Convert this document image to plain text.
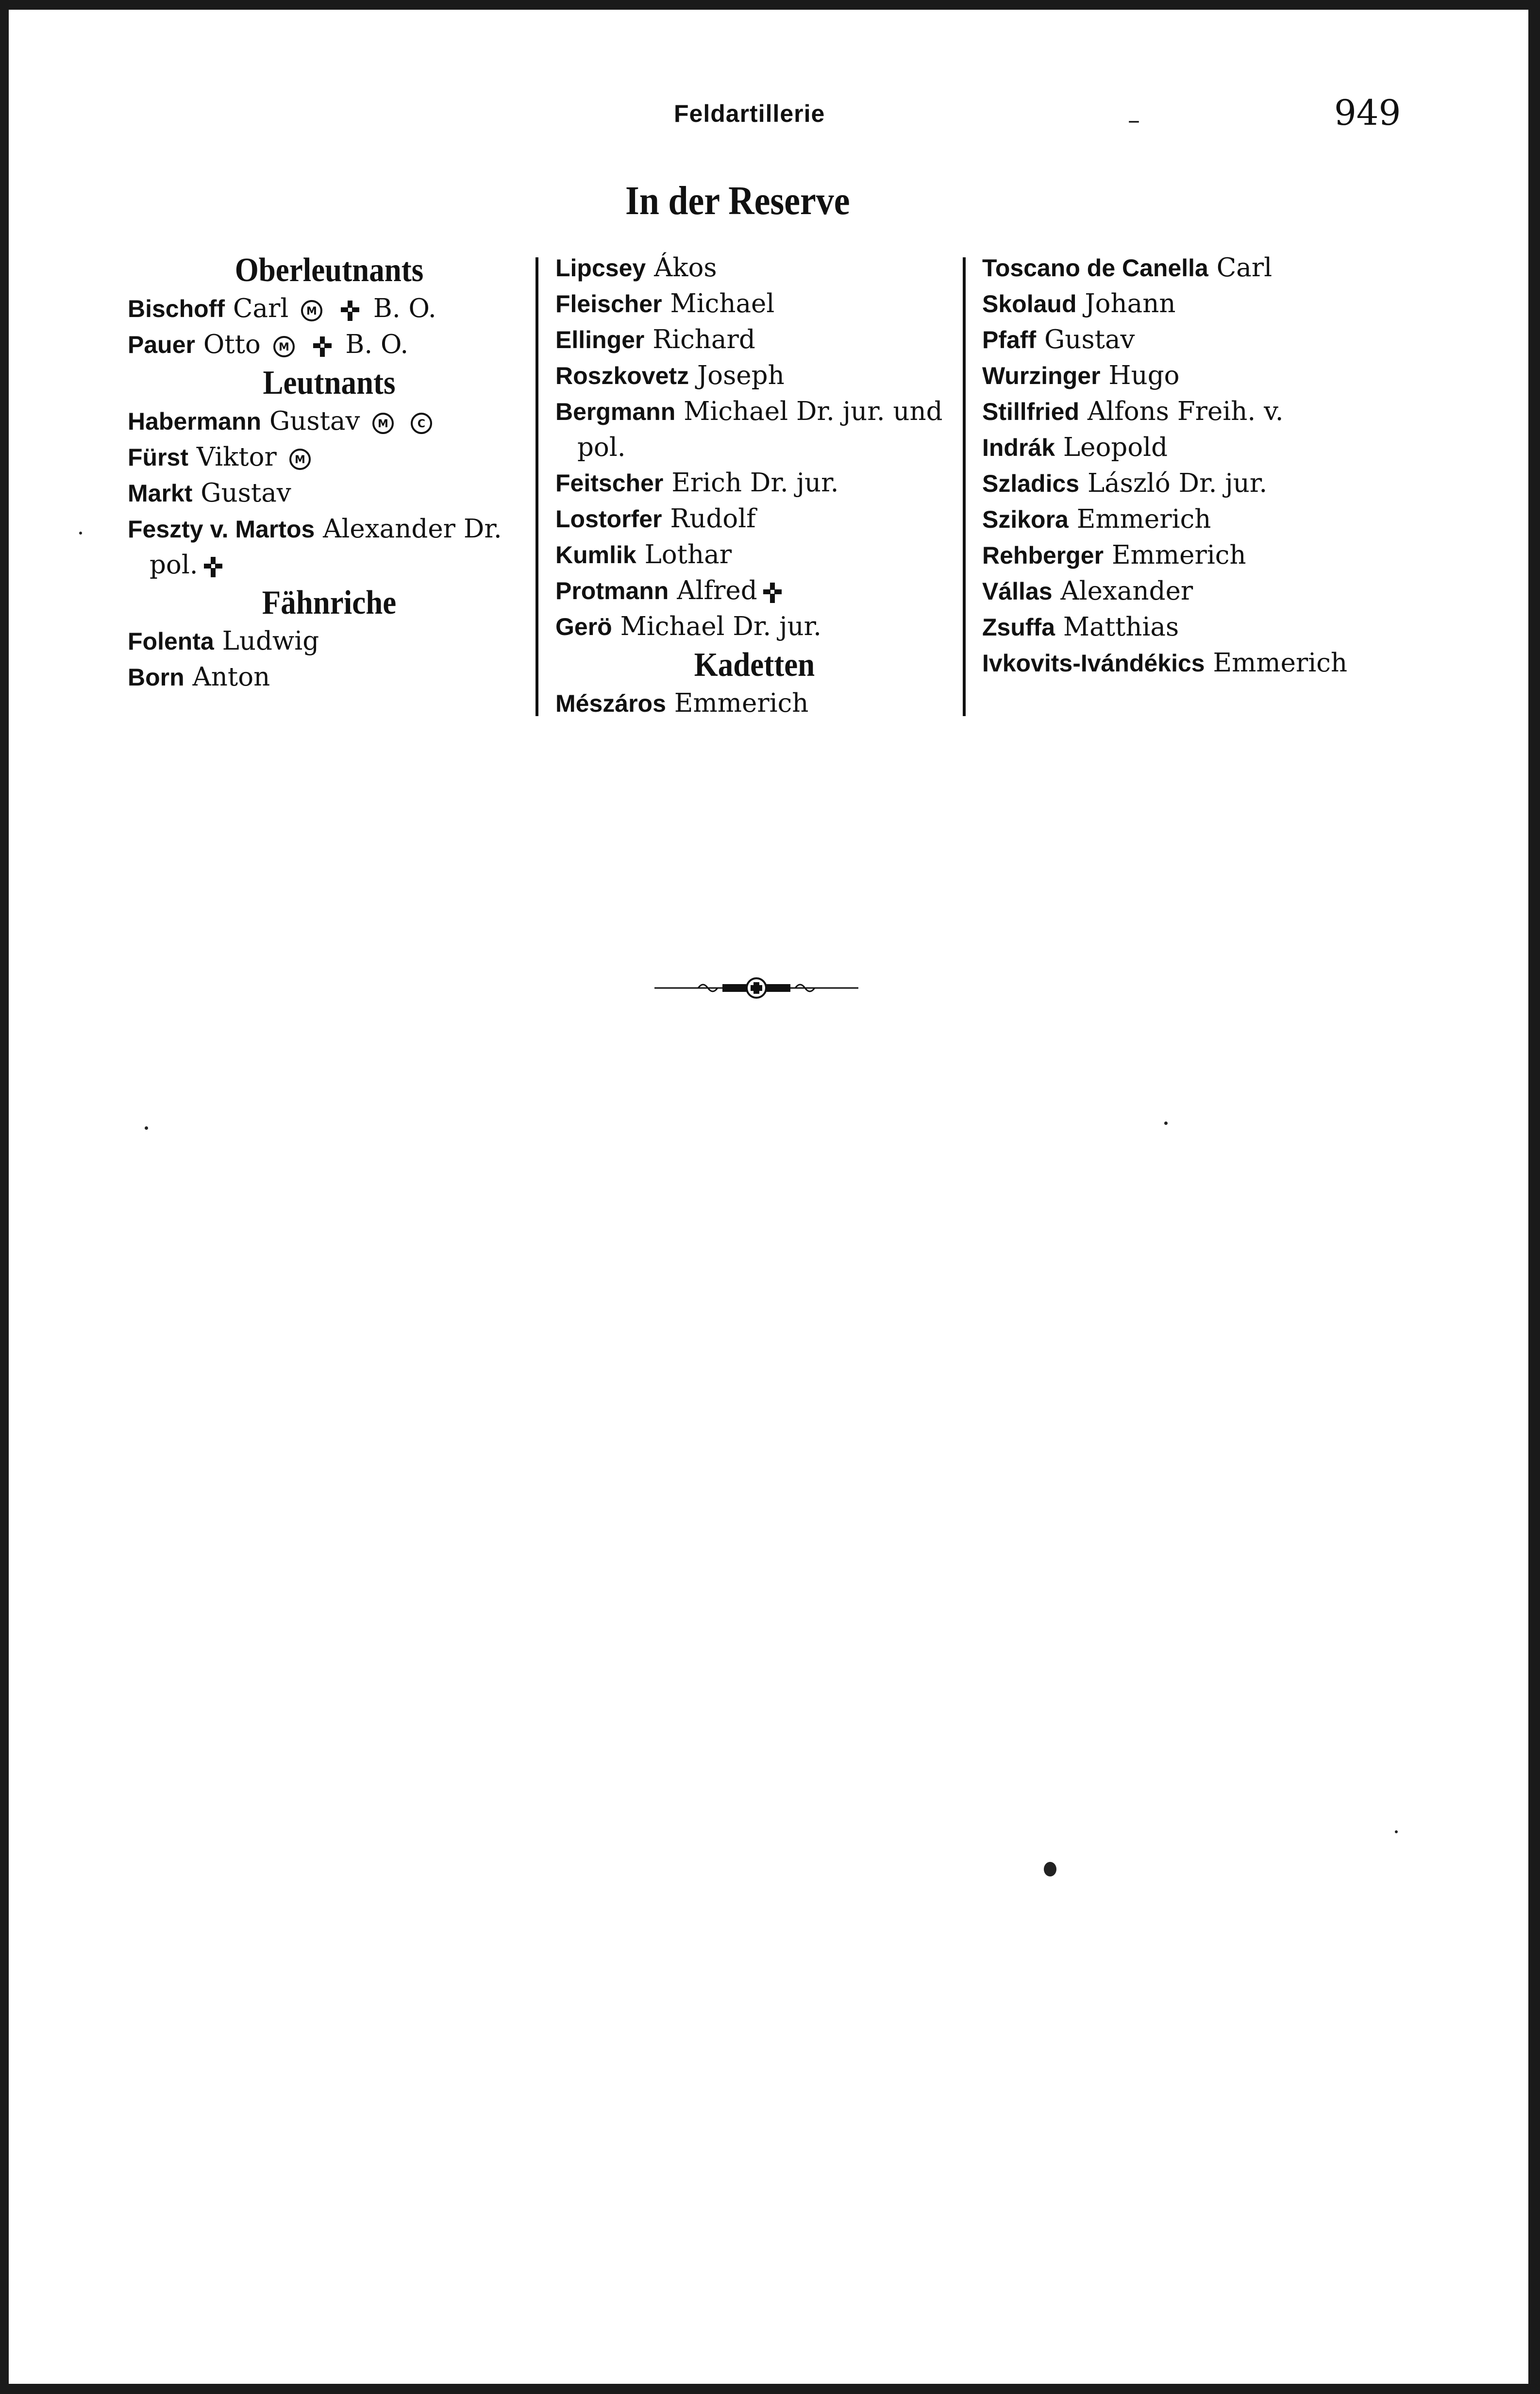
Feldartillerie	–	949
In der Reserve
Oberleutnants
Bischoff Carl M B. O.
Pauer Otto M B. O.
Leutnants
Habermann Gustav M
	C
Fürst Viktor M
Markt Gustav
Feszty v. Martos Alexander Dr.
pol.
Fähnriche
Folenta Ludwig
Born Anton
Lipcsey Ákos
Fleischer Michael
Ellinger Richard
Roszkovetz Joseph
Bergmann Michael Dr. jur. und
pol.
Feitscher Erich Dr. jur.
Lostorfer Rudolf
Kumlik Lothar
Protmann Alfred
Gerö Michael Dr. jur.
Kadetten
Mészáros Emmerich
Toscano de Canella Carl
Skolaud Johann
Pfaff Gustav
Wurzinger Hugo
Stillfried Alfons Freih. v.
Indrák Leopold
Szladics László Dr. jur.
Szikora Emmerich
Rehberger Emmerich
Vállas Alexander
Zsuffa Matthias
Ivkovits-Ivándékics Emmerich
